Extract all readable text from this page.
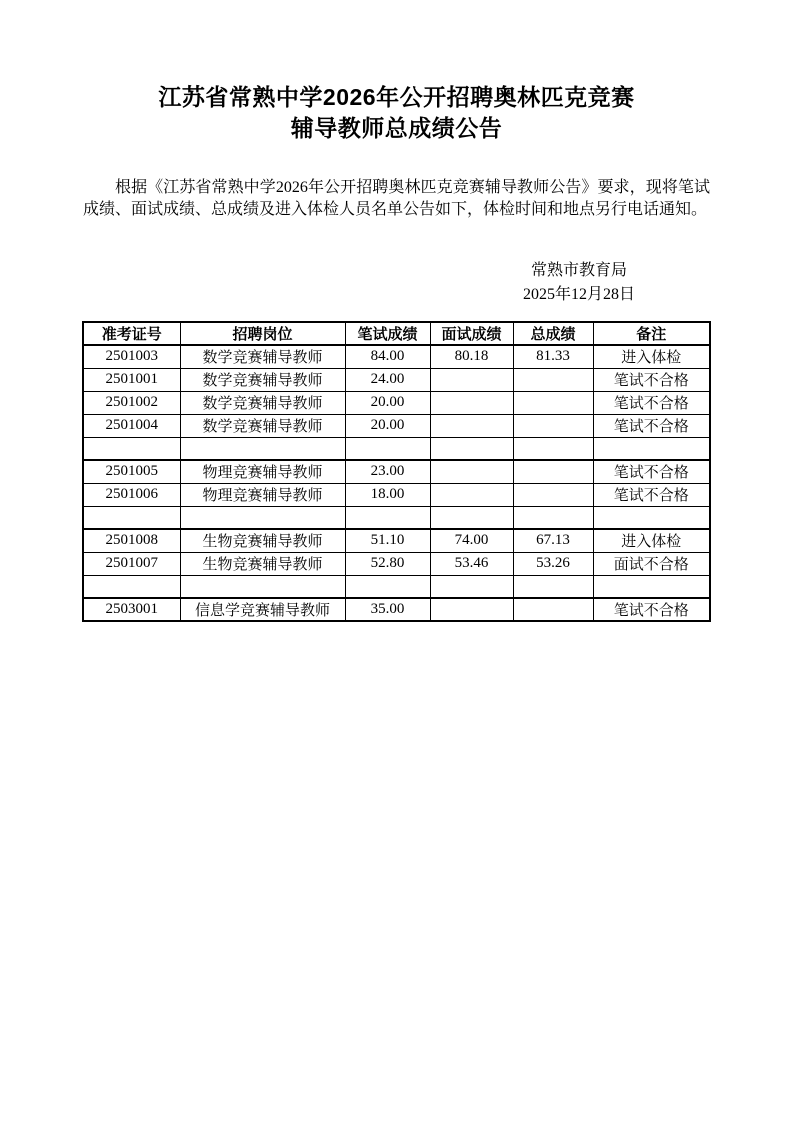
江苏省常熟中学2026年公开招聘奥林匹克竞赛
辅导教师总成绩公告

根据《江苏省常熟中学2026年公开招聘奥林匹克竞赛辅导教师公告》要求，现将笔试成绩、面试成绩、总成绩及进入体检人员名单公告如下，体检时间和地点另行电话通知。

常熟市教育局
2025年12月28日
准考证号	招聘岗位	笔试成绩	面试成绩	总成绩	备注
2501003	数学竞赛辅导教师	84.00	80.18	81.33	进入体检
2501001	数学竞赛辅导教师	24.00			笔试不合格
2501002	数学竞赛辅导教师	20.00			笔试不合格
2501004	数学竞赛辅导教师	20.00			笔试不合格

2501005	物理竞赛辅导教师	23.00			笔试不合格
2501006	物理竞赛辅导教师	18.00			笔试不合格

2501008	生物竞赛辅导教师	51.10	74.00	67.13	进入体检
2501007	生物竞赛辅导教师	52.80	53.46	53.26	面试不合格

2503001	信息学竞赛辅导教师	35.00			笔试不合格
